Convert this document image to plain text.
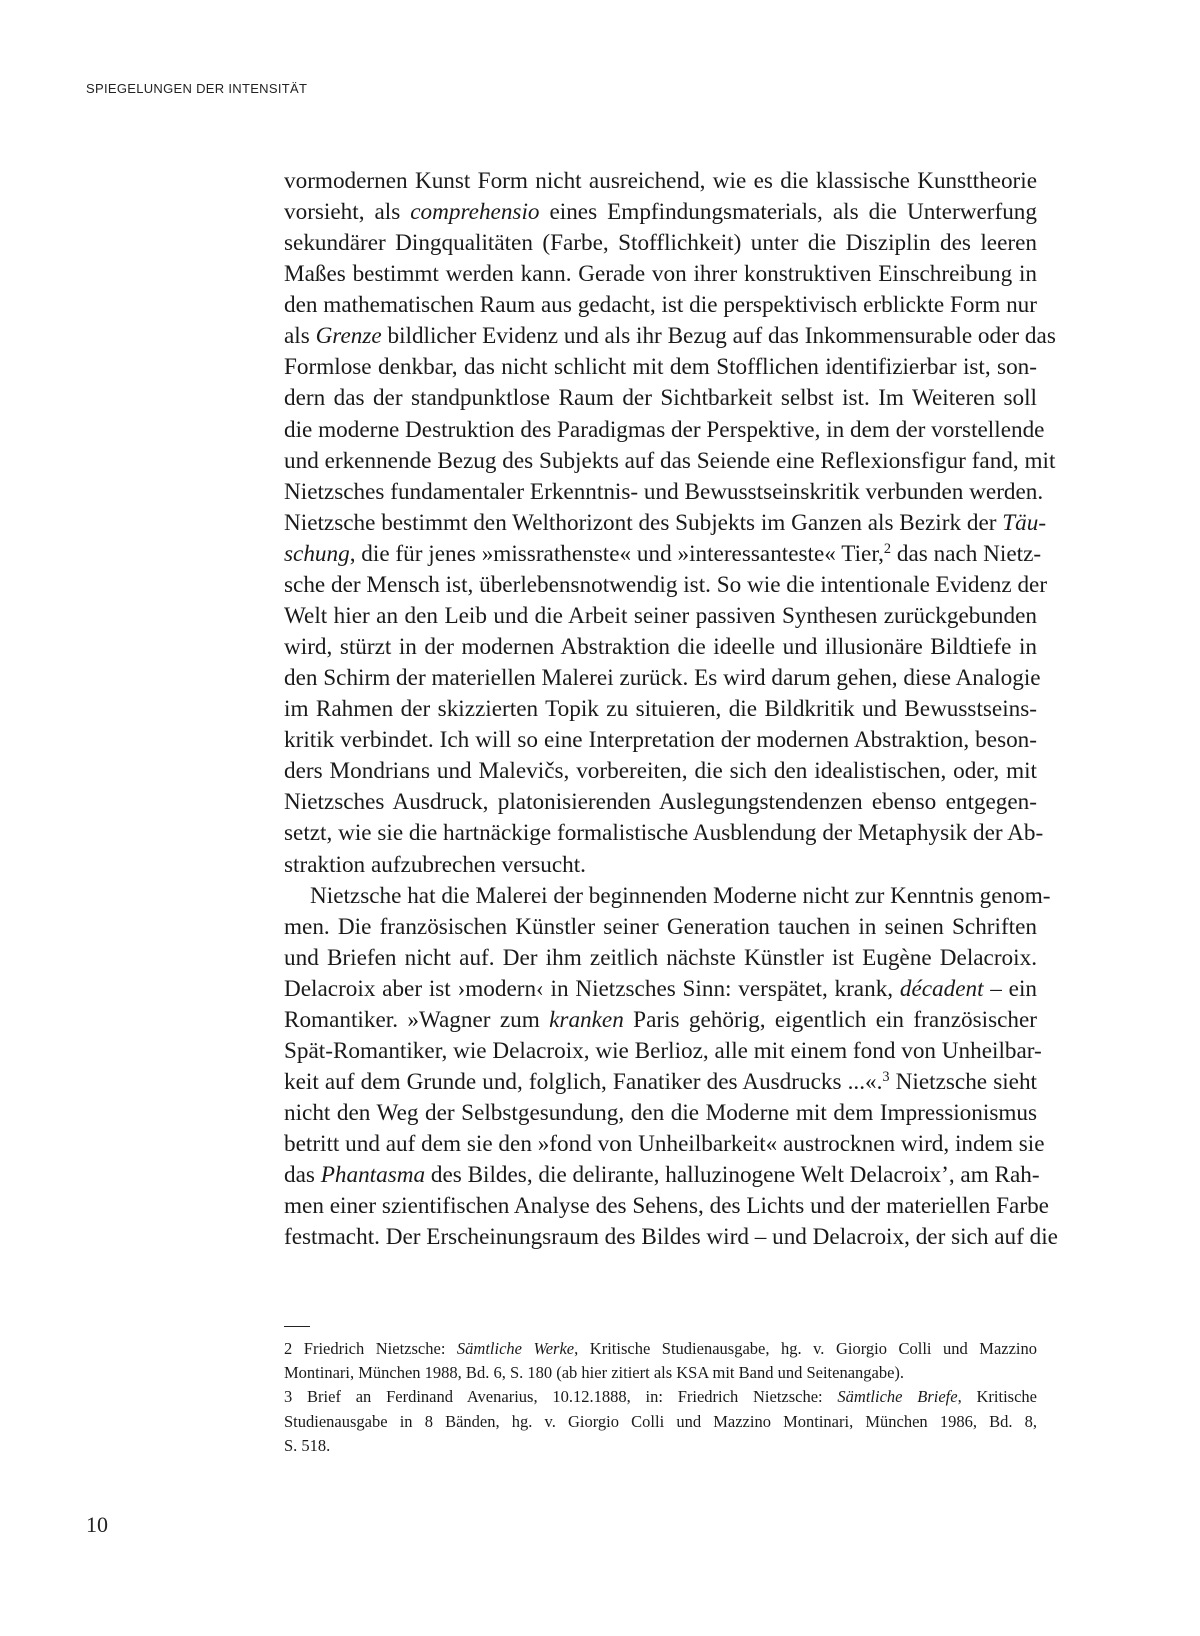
SPIEGELUNGEN DER INTENSITÄT
vormodernen Kunst Form nicht ausreichend, wie es die klassische Kunsttheorie
vorsieht, als comprehensio eines Empfindungsmaterials, als die Unterwerfung
sekundärer Dingqualitäten (Farbe, Stofflichkeit) unter die Disziplin des leeren
Maßes bestimmt werden kann. Gerade von ihrer konstruktiven Einschreibung in
den mathematischen Raum aus gedacht, ist die perspektivisch erblickte Form nur
als Grenze bildlicher Evidenz und als ihr Bezug auf das Inkommensurable oder das
Formlose denkbar, das nicht schlicht mit dem Stofflichen identifizierbar ist, son-
dern das der standpunktlose Raum der Sichtbarkeit selbst ist. Im Weiteren soll
die moderne Destruktion des Paradigmas der Perspektive, in dem der vorstellende
und erkennende Bezug des Subjekts auf das Seiende eine Reflexionsfigur fand, mit
Nietzsches fundamentaler Erkenntnis- und Bewusstseinskritik verbunden werden.
Nietzsche bestimmt den Welthorizont des Subjekts im Ganzen als Bezirk der Täu-
schung, die für jenes »missrathenste« und »interessanteste« Tier,$^2$ das nach Nietz-
sche der Mensch ist, überlebensnotwendig ist. So wie die intentionale Evidenz der
Welt hier an den Leib und die Arbeit seiner passiven Synthesen zurückgebunden
wird, stürzt in der modernen Abstraktion die ideelle und illusionäre Bildtiefe in
den Schirm der materiellen Malerei zurück. Es wird darum gehen, diese Analogie
im Rahmen der skizzierten Topik zu situieren, die Bildkritik und Bewusstseins-
kritik verbindet. Ich will so eine Interpretation der modernen Abstraktion, beson-
ders Mondrians und Malevičs, vorbereiten, die sich den idealistischen, oder, mit
Nietzsches Ausdruck, platonisierenden Auslegungstendenzen ebenso entgegen-
setzt, wie sie die hartnäckige formalistische Ausblendung der Metaphysik der Ab-
straktion aufzubrechen versucht.
Nietzsche hat die Malerei der beginnenden Moderne nicht zur Kenntnis genom-
men. Die französischen Künstler seiner Generation tauchen in seinen Schriften
und Briefen nicht auf. Der ihm zeitlich nächste Künstler ist Eugène Delacroix.
Delacroix aber ist ›modern‹ in Nietzsches Sinn: verspätet, krank, décadent – ein
Romantiker. »Wagner zum kranken Paris gehörig, eigentlich ein französischer
Spät-Romantiker, wie Delacroix, wie Berlioz, alle mit einem fond von Unheilbar-
keit auf dem Grunde und, folglich, Fanatiker des Ausdrucks ...«.$^3$ Nietzsche sieht
nicht den Weg der Selbstgesundung, den die Moderne mit dem Impressionismus
betritt und auf dem sie den »fond von Unheilbarkeit« austrocknen wird, indem sie
das Phantasma des Bildes, die delirante, halluzinogene Welt Delacroix’, am Rah-
men einer szientifischen Analyse des Sehens, des Lichts und der materiellen Farbe
festmacht. Der Erscheinungsraum des Bildes wird – und Delacroix, der sich auf die
2 Friedrich Nietzsche: Sämtliche Werke, Kritische Studienausgabe, hg. v. Giorgio Colli und Mazzino
Montinari, München 1988, Bd. 6, S. 180 (ab hier zitiert als KSA mit Band und Seitenangabe).
3 Brief an Ferdinand Avenarius, 10.12.1888, in: Friedrich Nietzsche: Sämtliche Briefe, Kritische
Studienausgabe in 8 Bänden, hg. v. Giorgio Colli und Mazzino Montinari, München 1986, Bd. 8,
S. 518.
10
